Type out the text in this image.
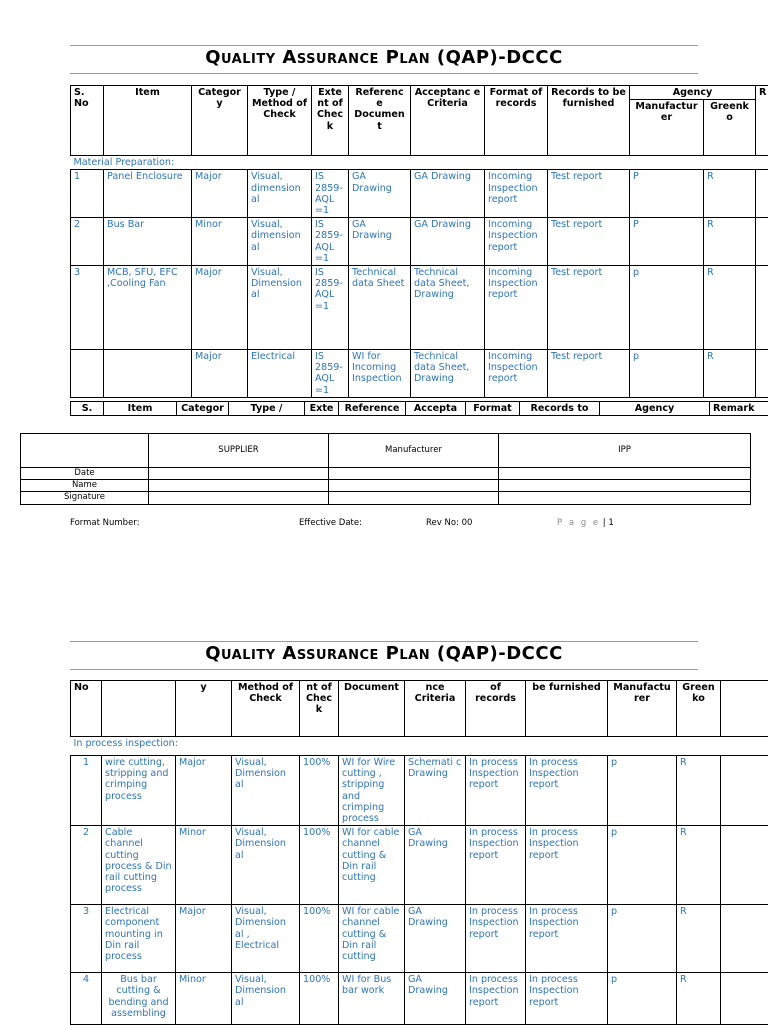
Quality Assurance Plan (QAP)-DCCC
S. No	Item	Categor y	Type / Method of Check	Exte nt of Chec k	Referenc e Documen t	Acceptanc e Criteria	Format of records	Records to be furnished	Agency		R
									Manufactur er	Greenk o	
Material Preparation:											
1	Panel Enclosure	Major	Visual, dimension al	IS 2859- AQL =1	GA Drawing	GA Drawing	Incoming Inspection report	Test report	P	R	
2	Bus Bar	Minor	Visual, dimension al	IS 2859- AQL =1	GA Drawing	GA Drawing	Incoming Inspection report	Test report	P	R	
3	MCB, SFU, EFC ,Cooling Fan	Major	Visual, Dimension al	IS 2859- AQL =1	Technical data Sheet	Technical data Sheet, Drawing	Incoming Inspection report	Test report	p	R	
		Major	Electrical	IS 2859- AQL =1	WI for Incoming Inspection	Technical data Sheet, Drawing	Incoming Inspection report	Test report	p	R	
S.	Item	Categor	Type /	Exte	Reference	Accepta	Format	Records to	Agency	Remark
	SUPPLIER	Manufacturer	IPP
Date			
Name			
Signature			
Format Number:	Effective Date:	Rev No: 00	P a g e | 1
Quality Assurance Plan (QAP)-DCCC
No		y	Method of Check	nt of Chec k	Document	nce Criteria	of records	be furnished	Manufactu rer	Green ko	
In process inspection:											
1	wire cutting, stripping and crimping process	Major	Visual, Dimension al	100%	WI for Wire cutting , stripping and crimping process	Schemati c Drawing	In process Inspection report	In process Inspection report	p	R	
2	Cable channel cutting process & Din rail cutting process	Minor	Visual, Dimension al	100%	WI for cable channel cutting & Din rail cutting	GA Drawing	In process Inspection report	In process Inspection report	p	R	
3	Electrical component mounting in Din rail process	Major	Visual, Dimension al , Electrical	100%	WI for cable channel cutting & Din rail cutting	GA Drawing	In process Inspection report	In process Inspection report	p	R	
4	Bus bar cutting & bending and assembling	Minor	Visual, Dimension al	100%	WI for Bus bar work	GA Drawing	In process Inspection report	In process Inspection report	p	R	
